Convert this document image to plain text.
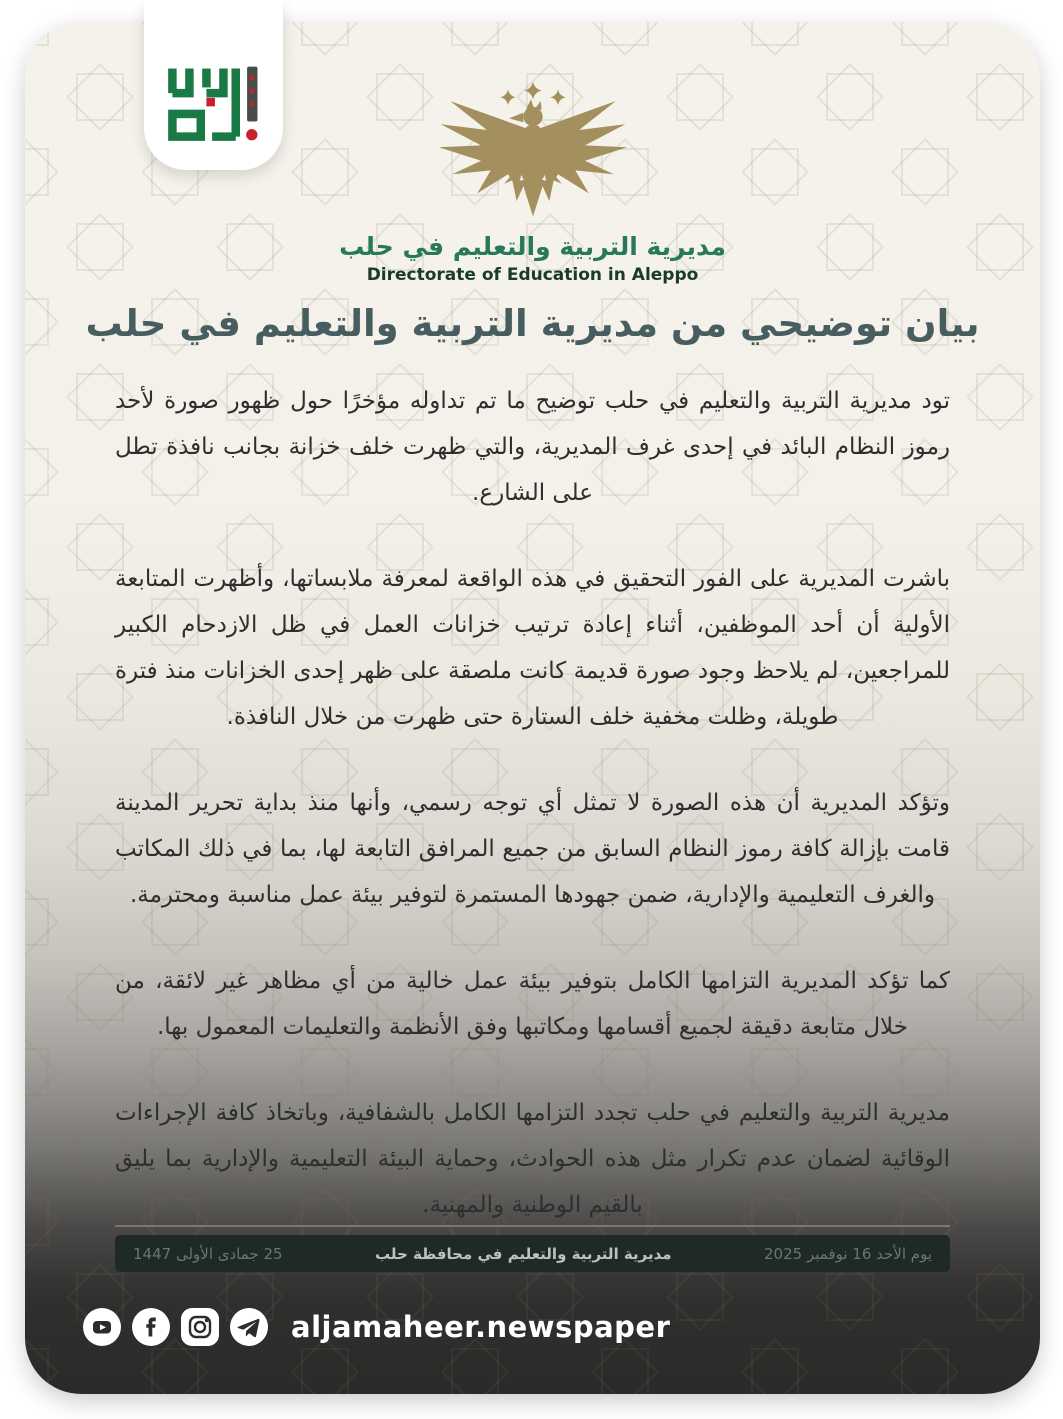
مديرية التربية والتعليم في حلب
Directorate of Education in Aleppo
بيان توضيحي من مديرية التربية والتعليم في حلب

تود مديرية التربية والتعليم في حلب توضيح ما تم تداوله مؤخرًا حول ظهور صورة لأحد رموز النظام البائد في إحدى غرف المديرية، والتي ظهرت خلف خزانة بجانب نافذة تطل على الشارع.

باشرت المديرية على الفور التحقيق في هذه الواقعة لمعرفة ملابساتها، وأظهرت المتابعة الأولية أن أحد الموظفين، أثناء إعادة ترتيب خزانات العمل في ظل الازدحام الكبير للمراجعين، لم يلاحظ وجود صورة قديمة كانت ملصقة على ظهر إحدى الخزانات منذ فترة طويلة، وظلت مخفية خلف الستارة حتى ظهرت من خلال النافذة.

وتؤكد المديرية أن هذه الصورة لا تمثل أي توجه رسمي، وأنها منذ بداية تحرير المدينة قامت بإزالة كافة رموز النظام السابق من جميع المرافق التابعة لها، بما في ذلك المكاتب والغرف التعليمية والإدارية، ضمن جهودها المستمرة لتوفير بيئة عمل مناسبة ومحترمة.

كما تؤكد المديرية التزامها الكامل بتوفير بيئة عمل خالية من أي مظاهر غير لائقة، من خلال متابعة دقيقة لجميع أقسامها ومكاتبها وفق الأنظمة والتعليمات المعمول بها.

مديرية التربية والتعليم في حلب تجدد التزامها الكامل بالشفافية، وباتخاذ كافة الإجراءات الوقائية لضمان عدم تكرار مثل هذه الحوادث، وحماية البيئة التعليمية والإدارية بما يليق بالقيم الوطنية والمهنية.

يوم الأحد 16 نوفمبر 2025
مديرية التربية والتعليم في محافظة حلب
25 جمادى الأولى 1447
aljamaheer.newspaper
